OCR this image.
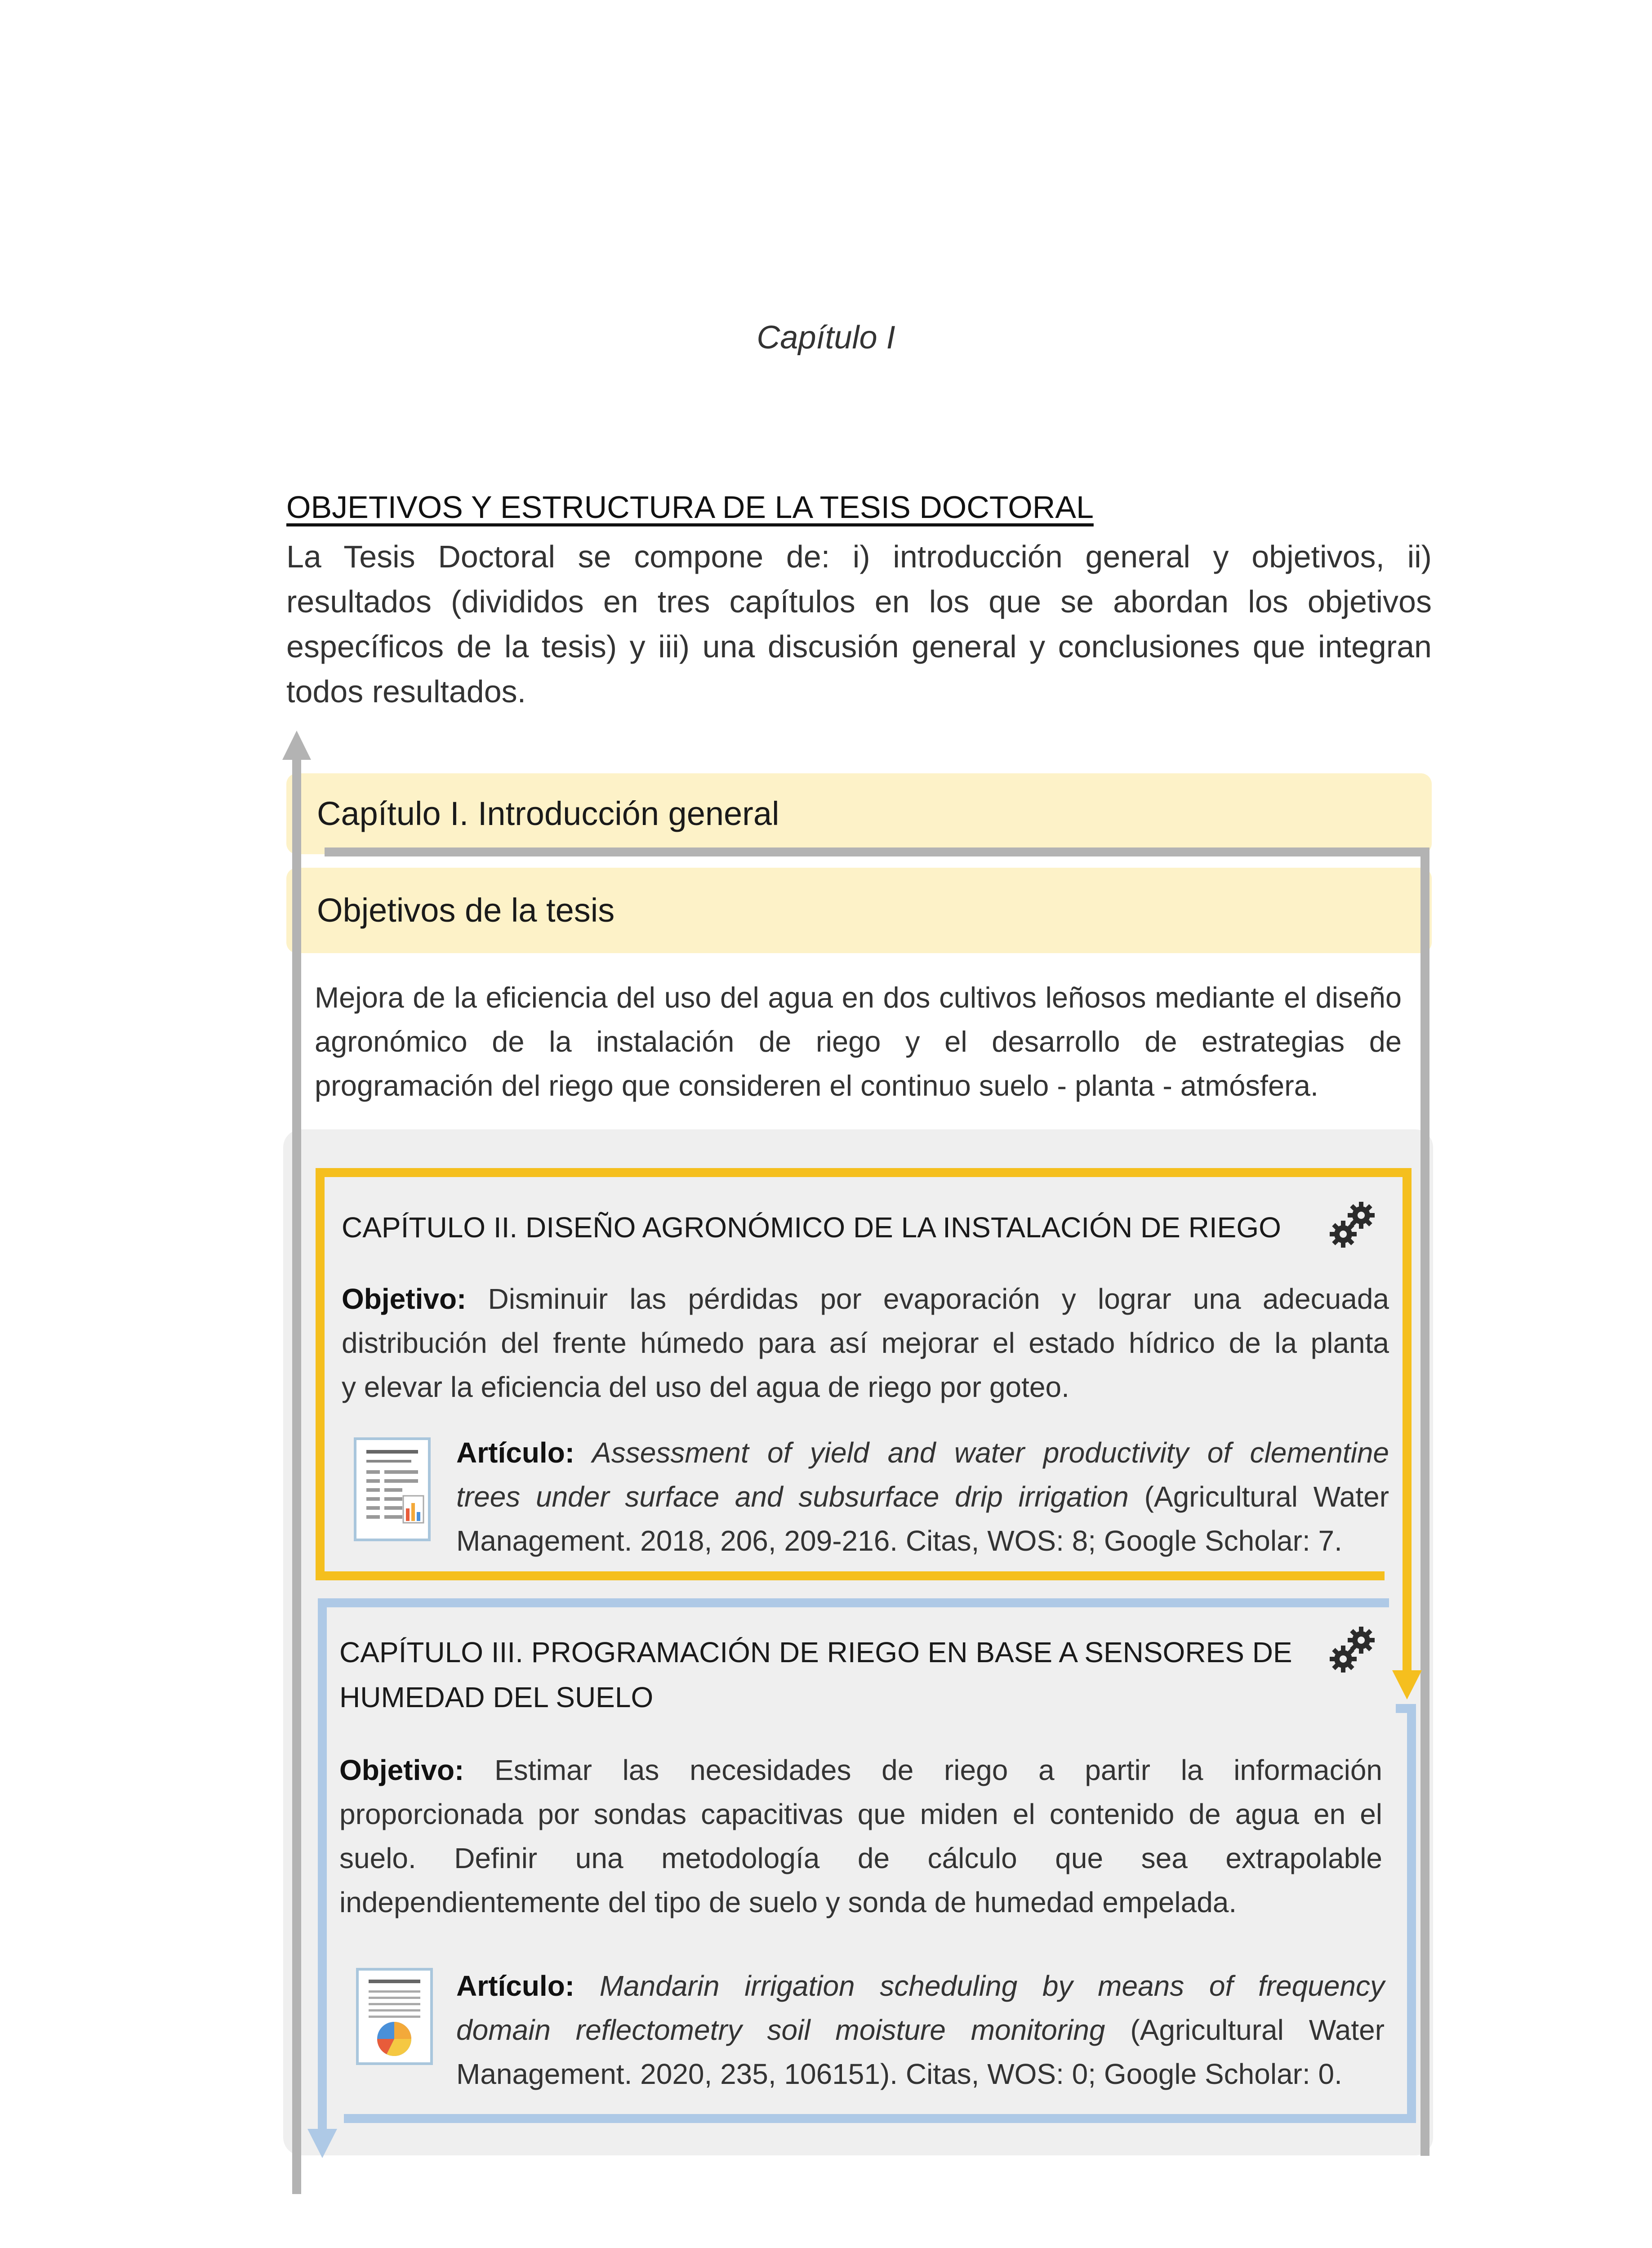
Capítulo I
OBJETIVOS Y ESTRUCTURA DE LA TESIS DOCTORAL
La Tesis Doctoral se compone de: i) introducción general y objetivos, ii)
resultados (divididos en tres capítulos en los que se abordan los objetivos
específicos de la tesis) y iii) una discusión general y conclusiones que integran
todos resultados.
Capítulo I. Introducción general
Objetivos de la tesis
Mejora de la eficiencia del uso del agua en dos cultivos leñosos mediante el diseño
agronómico de la instalación de riego y el desarrollo de estrategias de
programación del riego que consideren el continuo suelo - planta - atmósfera.
CAPÍTULO II. DISEÑO AGRONÓMICO DE LA INSTALACIÓN DE RIEGO
Objetivo: Disminuir las pérdidas por evaporación y lograr una adecuada
distribución del frente húmedo para así mejorar el estado hídrico de la planta
y elevar la eficiencia del uso del agua de riego por goteo.
Artículo: Assessment of yield and water productivity of clementine
trees under surface and subsurface drip irrigation (Agricultural Water
Management. 2018, 206, 209-216. Citas, WOS: 8; Google Scholar: 7.
CAPÍTULO III. PROGRAMACIÓN DE RIEGO EN BASE A SENSORES DE
HUMEDAD DEL SUELO
Objetivo: Estimar las necesidades de riego a partir la información
proporcionada por sondas capacitivas que miden el contenido de agua en el
suelo. Definir una metodología de cálculo que sea extrapolable
independientemente del tipo de suelo y sonda de humedad empelada.
Artículo: Mandarin irrigation scheduling by means of frequency
domain reflectometry soil moisture monitoring (Agricultural Water
Management. 2020, 235, 106151). Citas, WOS: 0; Google Scholar: 0.
